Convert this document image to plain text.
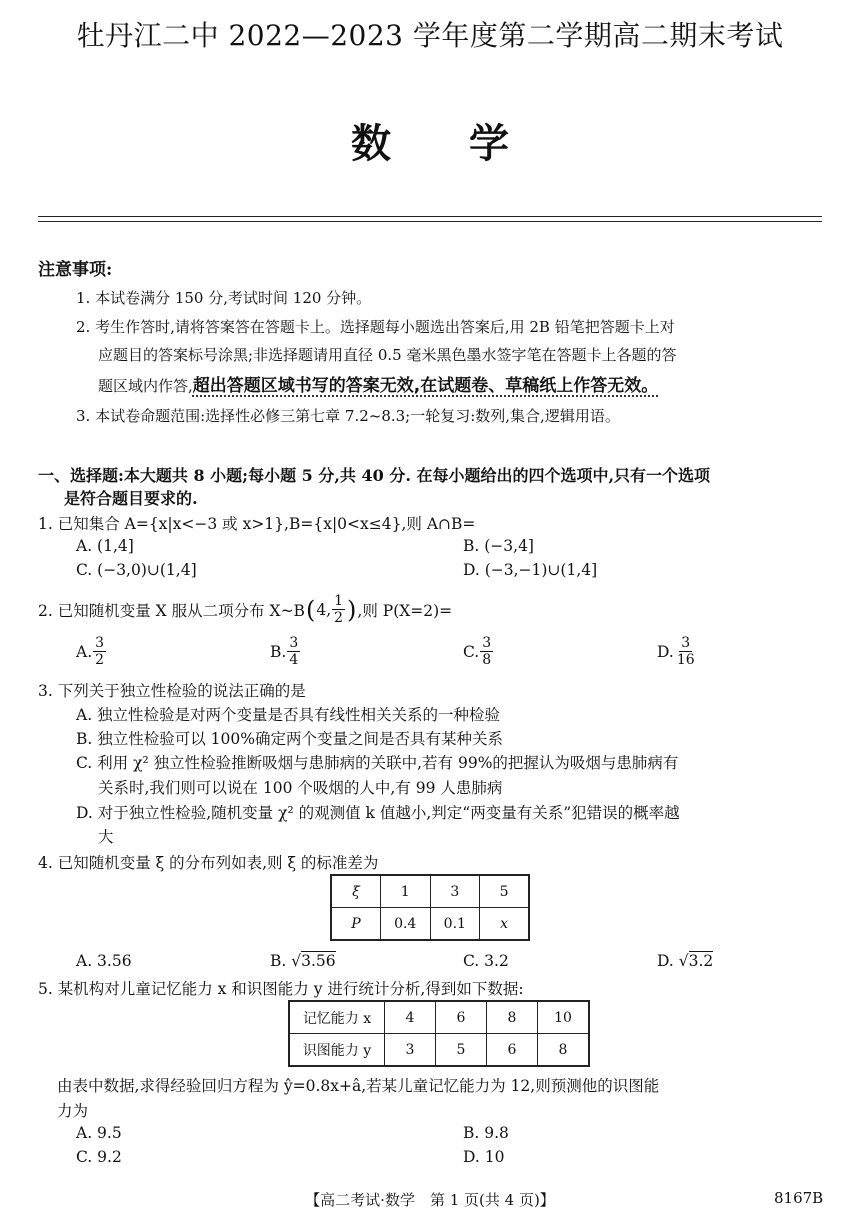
牡丹江二中 2022—2023 学年度第二学期高二期末考试
数学
注意事项:
1. 本试卷满分 150 分,考试时间 120 分钟。
2. 考生作答时,请将答案答在答题卡上。选择题每小题选出答案后,用 2B 铅笔把答题卡上对
应题目的答案标号涂黑;非选择题请用直径 0.5 毫米黑色墨水签字笔在答题卡上各题的答
题区域内作答,超出答题区域书写的答案无效,在试题卷、草稿纸上作答无效。
3. 本试卷命题范围:选择性必修三第七章 7.2~8.3;一轮复习:数列,集合,逻辑用语。
一、选择题:本大题共 8 小题;每小题 5 分,共 40 分. 在每小题给出的四个选项中,只有一个选项
是符合题目要求的.
1. 已知集合 A={x|x<−3 或 x>1},B={x|0<x≤4},则 A∩B=
A. (1,4]	B. (−3,4]
C. (−3,0)∪(1,4]	D. (−3,−1)∪(1,4]
2. 已知随机变量 X 服从二项分布 X~B ( 4, $\frac{1}{2}$ ) ,则 P(X=2)=
A. $\frac{3}{2}$	B. $\frac{3}{4}$	C. $\frac{3}{8}$	D. $\frac{3}{16}$
3. 下列关于独立性检验的说法正确的是
A. 独立性检验是对两个变量是否具有线性相关关系的一种检验
B. 独立性检验可以 100%确定两个变量之间是否具有某种关系
C. 利用 χ² 独立性检验推断吸烟与患肺病的关联中,若有 99%的把握认为吸烟与患肺病有
关系时,我们则可以说在 100 个吸烟的人中,有 99 人患肺病
D. 对于独立性检验,随机变量 χ² 的观测值 k 值越小,判定“两变量有关系”犯错误的概率越
大
4. 已知随机变量 ξ 的分布列如表,则 ξ 的标准差为
ξ	1	3	5
P	0.4	0.1	x
A. 3.56	B. √3.56	C. 3.2	D. √3.2
5. 某机构对儿童记忆能力 x 和识图能力 y 进行统计分析,得到如下数据:
记忆能力 x	4	6	8	10
识图能力 y	3	5	6	8
由表中数据,求得经验回归方程为 ŷ=0.8x+â,若某儿童记忆能力为 12,则预测他的识图能
力为
A. 9.5	B. 9.8
C. 9.2	D. 10
【高二考试·数学　第 1 页(共 4 页)】	8167B
